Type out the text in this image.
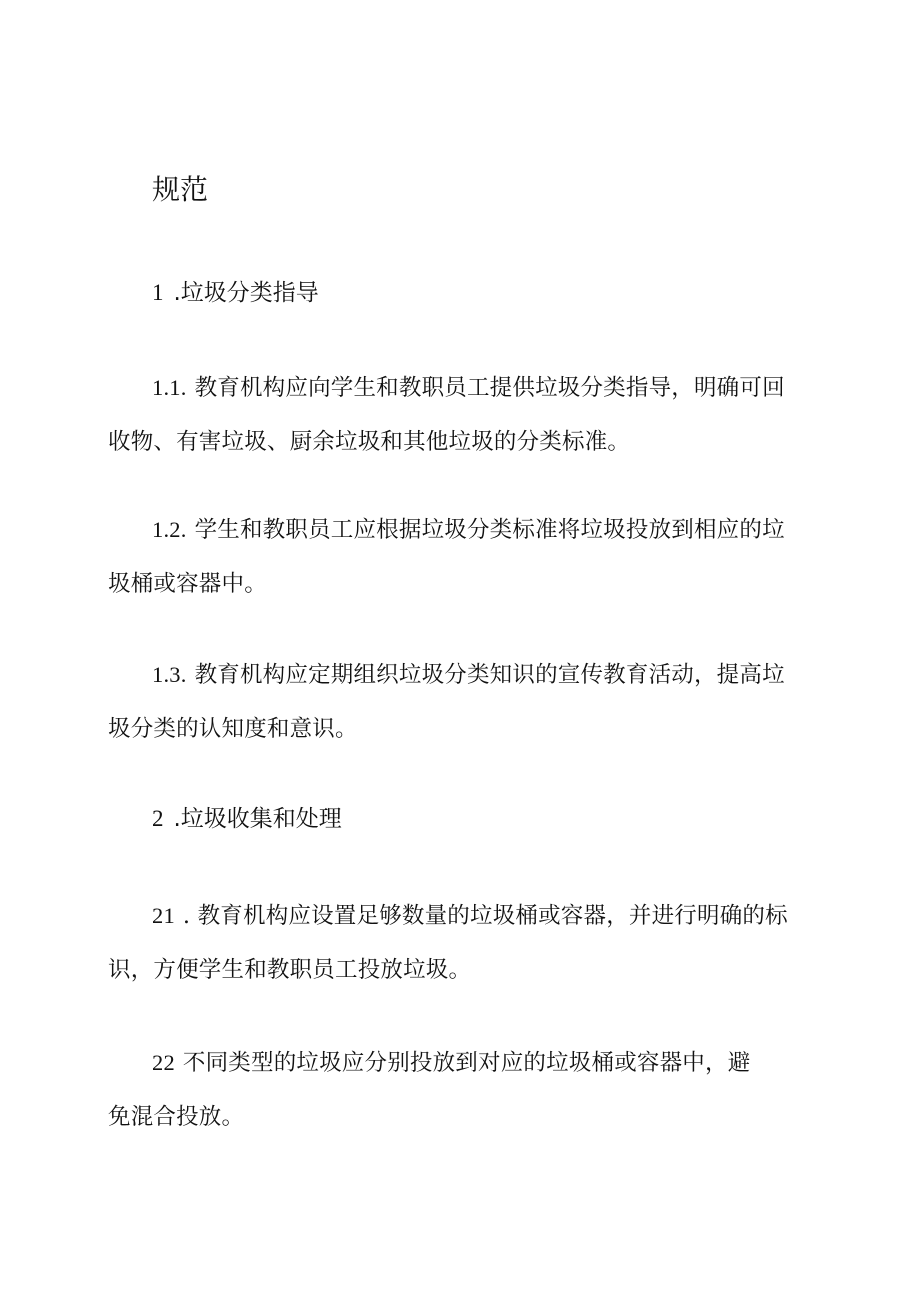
规范
1 .垃圾分类指导

1.1. 教育机构应向学生和教职员工提供垃圾分类指导，明确可回
收物、有害垃圾、厨余垃圾和其他垃圾的分类标准。

1.2. 学生和教职员工应根据垃圾分类标准将垃圾投放到相应的垃
圾桶或容器中。

1.3. 教育机构应定期组织垃圾分类知识的宣传教育活动，提高垃
圾分类的认知度和意识。

2 .垃圾收集和处理

21 . 教育机构应设置足够数量的垃圾桶或容器，并进行明确的标
识，方便学生和教职员工投放垃圾。

22 不同类型的垃圾应分别投放到对应的垃圾桶或容器中，避
免混合投放。
